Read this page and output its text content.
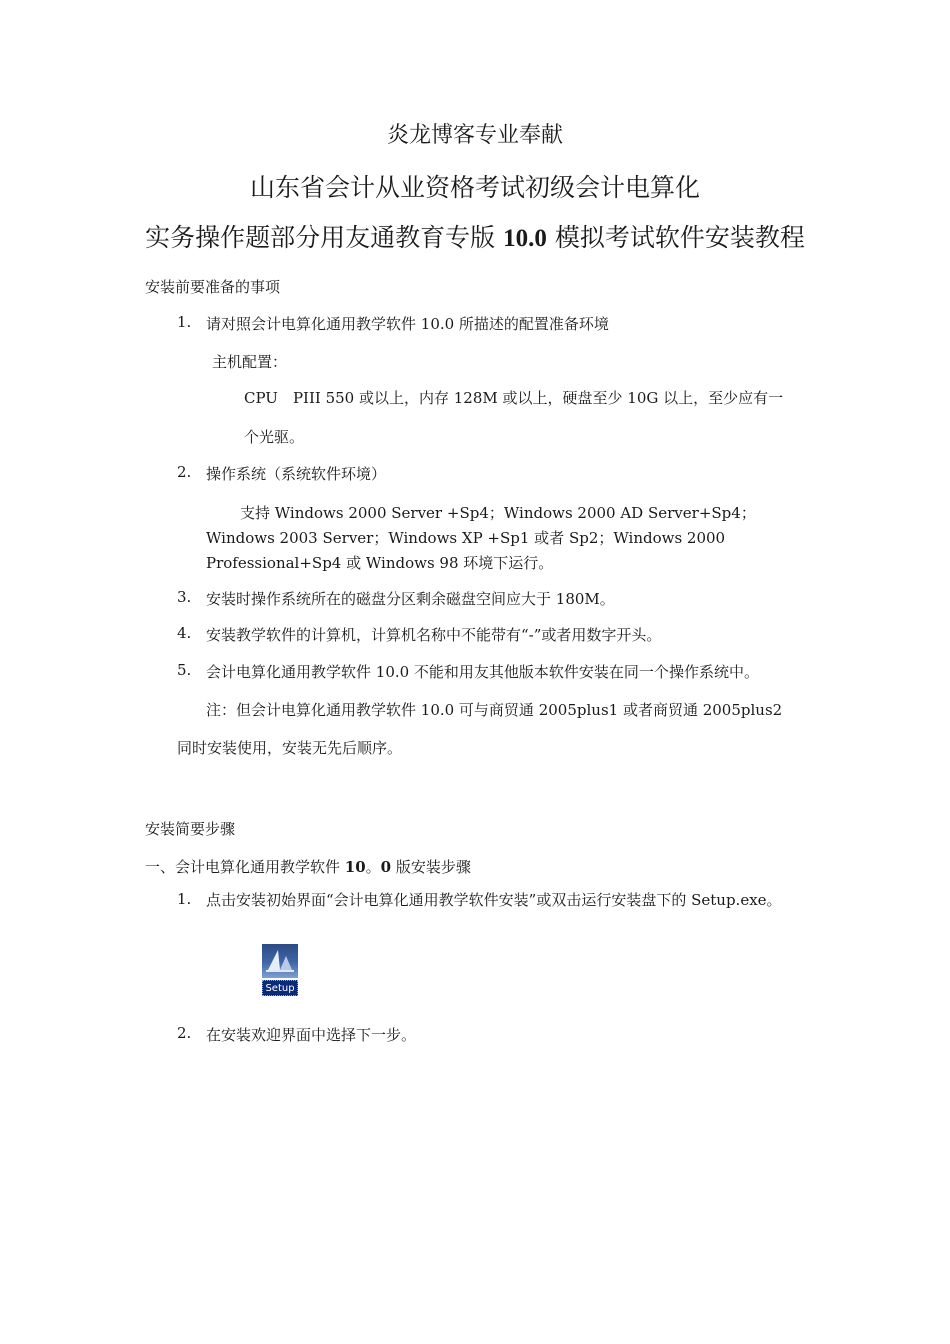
炎龙博客专业奉献
山东省会计从业资格考试初级会计电算化
实务操作题部分用友通教育专版 10.0 模拟考试软件安装教程
安装前要准备的事项
1. 请对照会计电算化通用教学软件 10.0 所描述的配置准备环境
主机配置：
CPU　PIII 550 或以上，内存 128M 或以上，硬盘至少 10G 以上，至少应有一
个光驱。
2. 操作系统（系统软件环境）
支持 Windows 2000 Server +Sp4；Windows 2000 AD Server+Sp4；Windows 2003 Server；Windows XP +Sp1 或者 Sp2；Windows 2000 Professional+Sp4 或 Windows 98 环境下运行。
3. 安装时操作系统所在的磁盘分区剩余磁盘空间应大于 180M。
4. 安装教学软件的计算机，计算机名称中不能带有“-”或者用数字开头。
5. 会计电算化通用教学软件 10.0 不能和用友其他版本软件安装在同一个操作系统中。
注：但会计电算化通用教学软件 10.0 可与商贸通 2005plus1 或者商贸通 2005plus2
同时安装使用，安装无先后顺序。
安装简要步骤
一、会计电算化通用教学软件 10。0 版安装步骤
1. 点击安装初始界面“会计电算化通用教学软件安装”或双击运行安装盘下的 Setup.exe。
Setup
2. 在安装欢迎界面中选择下一步。
